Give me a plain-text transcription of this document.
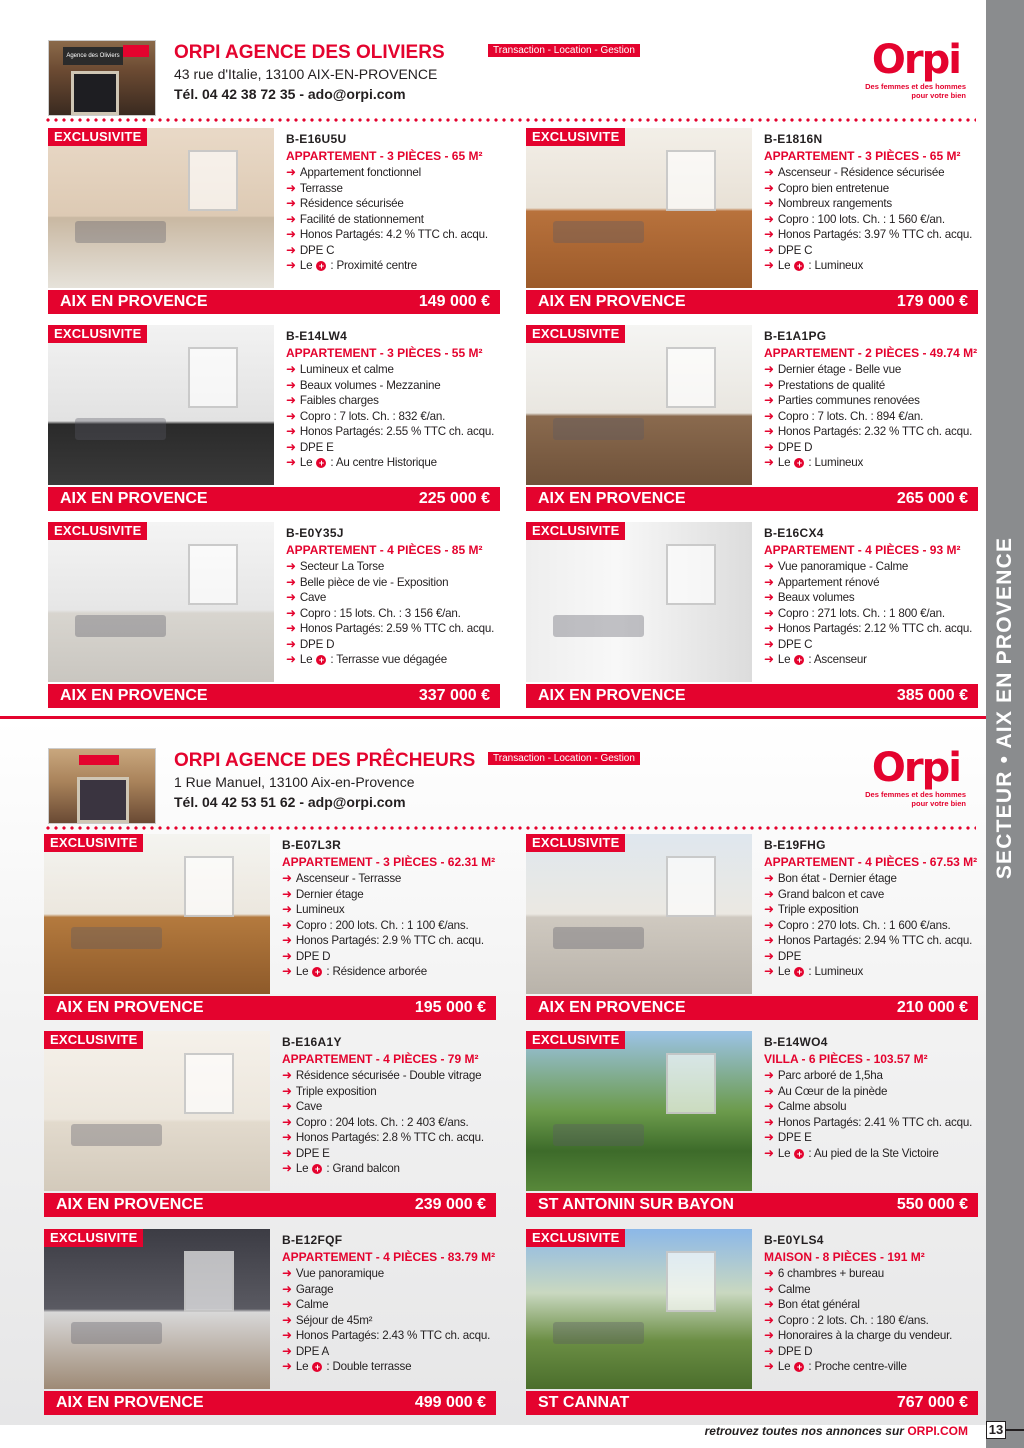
SECTEUR • AIX EN PROVENCE
Agence des Oliviers	ORPI AGENCE DES OLIVIERS
43 rue d'Italie, 13100 AIX-EN-PROVENCE
Tél. 04 42 38 72 35 - ado@orpi.com
Transaction - Location - Gestion	Orpi
Des femmes et des hommes pour votre bien
ORPI AGENCE DES PRÊCHEURS
1 Rue Manuel, 13100 Aix-en-Provence
Tél. 04 42 53 51 62 - adp@orpi.com
Transaction - Location - Gestion	Orpi
Des femmes et des hommes pour votre bien
EXCLUSIVITE	B-E16U5U
APPARTEMENT - 3 PIÈCES - 65 M²
➜ Appartement fonctionnel
➜ Terrasse
➜ Résidence sécurisée
➜ Facilité de stationnement
➜ Honos Partagés: 4.2 % TTC ch. acqu.
➜ DPE C
➜ Le + : Proximité centre
AIX EN PROVENCE	149 000 €
EXCLUSIVITE	B-E1816N
APPARTEMENT - 3 PIÈCES - 65 M²
➜ Ascenseur - Résidence sécurisée
➜ Copro bien entretenue
➜ Nombreux rangements
➜ Copro : 100 lots. Ch. : 1 560 €/an.
➜ Honos Partagés: 3.97 % TTC ch. acqu.
➜ DPE C
➜ Le + : Lumineux
AIX EN PROVENCE	179 000 €
EXCLUSIVITE	B-E14LW4
APPARTEMENT - 3 PIÈCES - 55 M²
➜ Lumineux et calme
➜ Beaux volumes - Mezzanine
➜ Faibles charges
➜ Copro : 7 lots. Ch. : 832 €/an.
➜ Honos Partagés: 2.55 % TTC ch. acqu.
➜ DPE E
➜ Le + : Au centre Historique
AIX EN PROVENCE	225 000 €
EXCLUSIVITE	B-E1A1PG
APPARTEMENT - 2 PIÈCES - 49.74 M²
➜ Dernier étage - Belle vue
➜ Prestations de qualité
➜ Parties communes renovées
➜ Copro : 7 lots. Ch. : 894 €/an.
➜ Honos Partagés: 2.32 % TTC ch. acqu.
➜ DPE D
➜ Le + : Lumineux
AIX EN PROVENCE	265 000 €
EXCLUSIVITE	B-E0Y35J
APPARTEMENT - 4 PIÈCES - 85 M²
➜ Secteur La Torse
➜ Belle pièce de vie - Exposition
➜ Cave
➜ Copro : 15 lots. Ch. : 3 156 €/an.
➜ Honos Partagés: 2.59 % TTC ch. acqu.
➜ DPE D
➜ Le + : Terrasse vue dégagée
AIX EN PROVENCE	337 000 €
EXCLUSIVITE	B-E16CX4
APPARTEMENT - 4 PIÈCES - 93 M²
➜ Vue panoramique - Calme
➜ Appartement rénové
➜ Beaux volumes
➜ Copro : 271 lots. Ch. : 1 800 €/an.
➜ Honos Partagés: 2.12 % TTC ch. acqu.
➜ DPE C
➜ Le + : Ascenseur
AIX EN PROVENCE	385 000 €
EXCLUSIVITE	B-E07L3R
APPARTEMENT - 3 PIÈCES - 62.31 M²
➜ Ascenseur - Terrasse
➜ Dernier étage
➜ Lumineux
➜ Copro : 200 lots. Ch. : 1 100 €/ans.
➜ Honos Partagés: 2.9 % TTC ch. acqu.
➜ DPE D
➜ Le + : Résidence arborée
AIX EN PROVENCE	195 000 €
EXCLUSIVITE	B-E19FHG
APPARTEMENT - 4 PIÈCES - 67.53 M²
➜ Bon état - Dernier étage
➜ Grand balcon et cave
➜ Triple exposition
➜ Copro : 270 lots. Ch. : 1 600 €/ans.
➜ Honos Partagés: 2.94 % TTC ch. acqu.
➜ DPE
➜ Le + : Lumineux
AIX EN PROVENCE	210 000 €
EXCLUSIVITE	B-E16A1Y
APPARTEMENT - 4 PIÈCES - 79 M²
➜ Résidence sécurisée - Double vitrage
➜ Triple exposition
➜ Cave
➜ Copro : 204 lots. Ch. : 2 403 €/ans.
➜ Honos Partagés: 2.8 % TTC ch. acqu.
➜ DPE E
➜ Le + : Grand balcon
AIX EN PROVENCE	239 000 €
EXCLUSIVITE	B-E14WO4
VILLA - 6 PIÈCES - 103.57 M²
➜ Parc arboré de 1,5ha
➜ Au Cœur de la pinède
➜ Calme absolu
➜ Honos Partagés: 2.41 % TTC ch. acqu.
➜ DPE E
➜ Le + : Au pied de la Ste Victoire
ST ANTONIN SUR BAYON	550 000 €
EXCLUSIVITE	B-E12FQF
APPARTEMENT - 4 PIÈCES - 83.79 M²
➜ Vue panoramique
➜ Garage
➜ Calme
➜ Séjour de 45m²
➜ Honos Partagés: 2.43 % TTC ch. acqu.
➜ DPE A
➜ Le + : Double terrasse
AIX EN PROVENCE	499 000 €
EXCLUSIVITE	B-E0YLS4
MAISON - 8 PIÈCES - 191 M²
➜ 6 chambres + bureau
➜ Calme
➜ Bon état général
➜ Copro : 2 lots. Ch. : 180 €/ans.
➜ Honoraires à la charge du vendeur.
➜ DPE D
➜ Le + : Proche centre-ville
ST CANNAT	767 000 €
retrouvez toutes nos annonces sur ORPI.COM 13
